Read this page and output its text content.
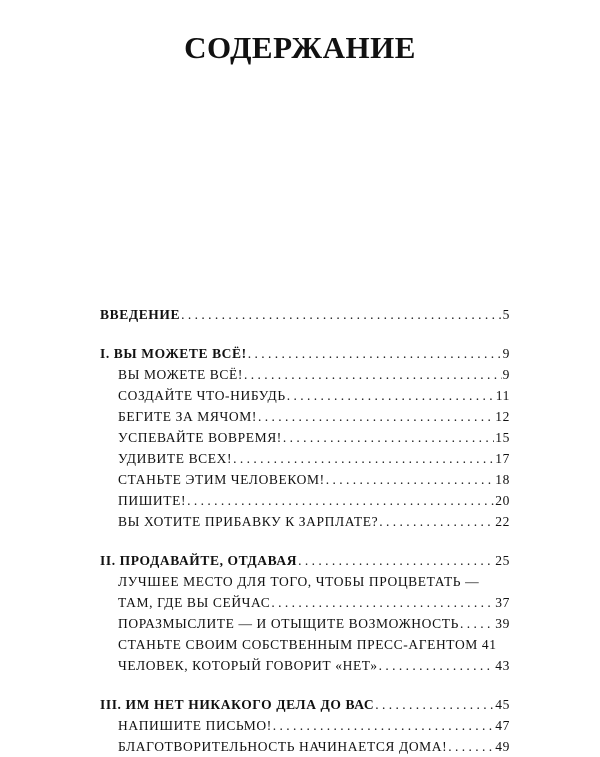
СОДЕРЖАНИЕ
ВВЕДЕНИЕ . . .	5
I. ВЫ МОЖЕТЕ ВСЁ! . . .	9
ВЫ МОЖЕТЕ ВСЁ! . . .	9
СОЗДАЙТЕ ЧТО-НИБУДЬ . . .	11
БЕГИТЕ ЗА МЯЧОМ! . . .	12
УСПЕВАЙТЕ ВОВРЕМЯ! . . .	15
УДИВИТЕ ВСЕХ! . . .	17
СТАНЬТЕ ЭТИМ ЧЕЛОВЕКОМ! . . .	18
ПИШИТЕ! . . .	20
ВЫ ХОТИТЕ ПРИБАВКУ К ЗАРПЛАТЕ? . . .	22
II. ПРОДАВАЙТЕ, ОТДАВАЯ . . .	25
ЛУЧШЕЕ МЕСТО ДЛЯ ТОГО, ЧТОБЫ ПРОЦВЕТАТЬ —
ТАМ, ГДЕ ВЫ СЕЙЧАС . . .	37
ПОРАЗМЫСЛИТЕ — И ОТЫЩИТЕ ВОЗМОЖНОСТЬ . . .	39
СТАНЬТЕ СВОИМ СОБСТВЕННЫМ ПРЕСС-АГЕНТОМ 41
ЧЕЛОВЕК, КОТОРЫЙ ГОВОРИТ «НЕТ» . . .	43
III. ИМ НЕТ НИКАКОГО ДЕЛА ДО ВАС . . .	45
НАПИШИТЕ ПИСЬМО! . . .	47
БЛАГОТВОРИТЕЛЬНОСТЬ НАЧИНАЕТСЯ ДОМА! . . .	49
